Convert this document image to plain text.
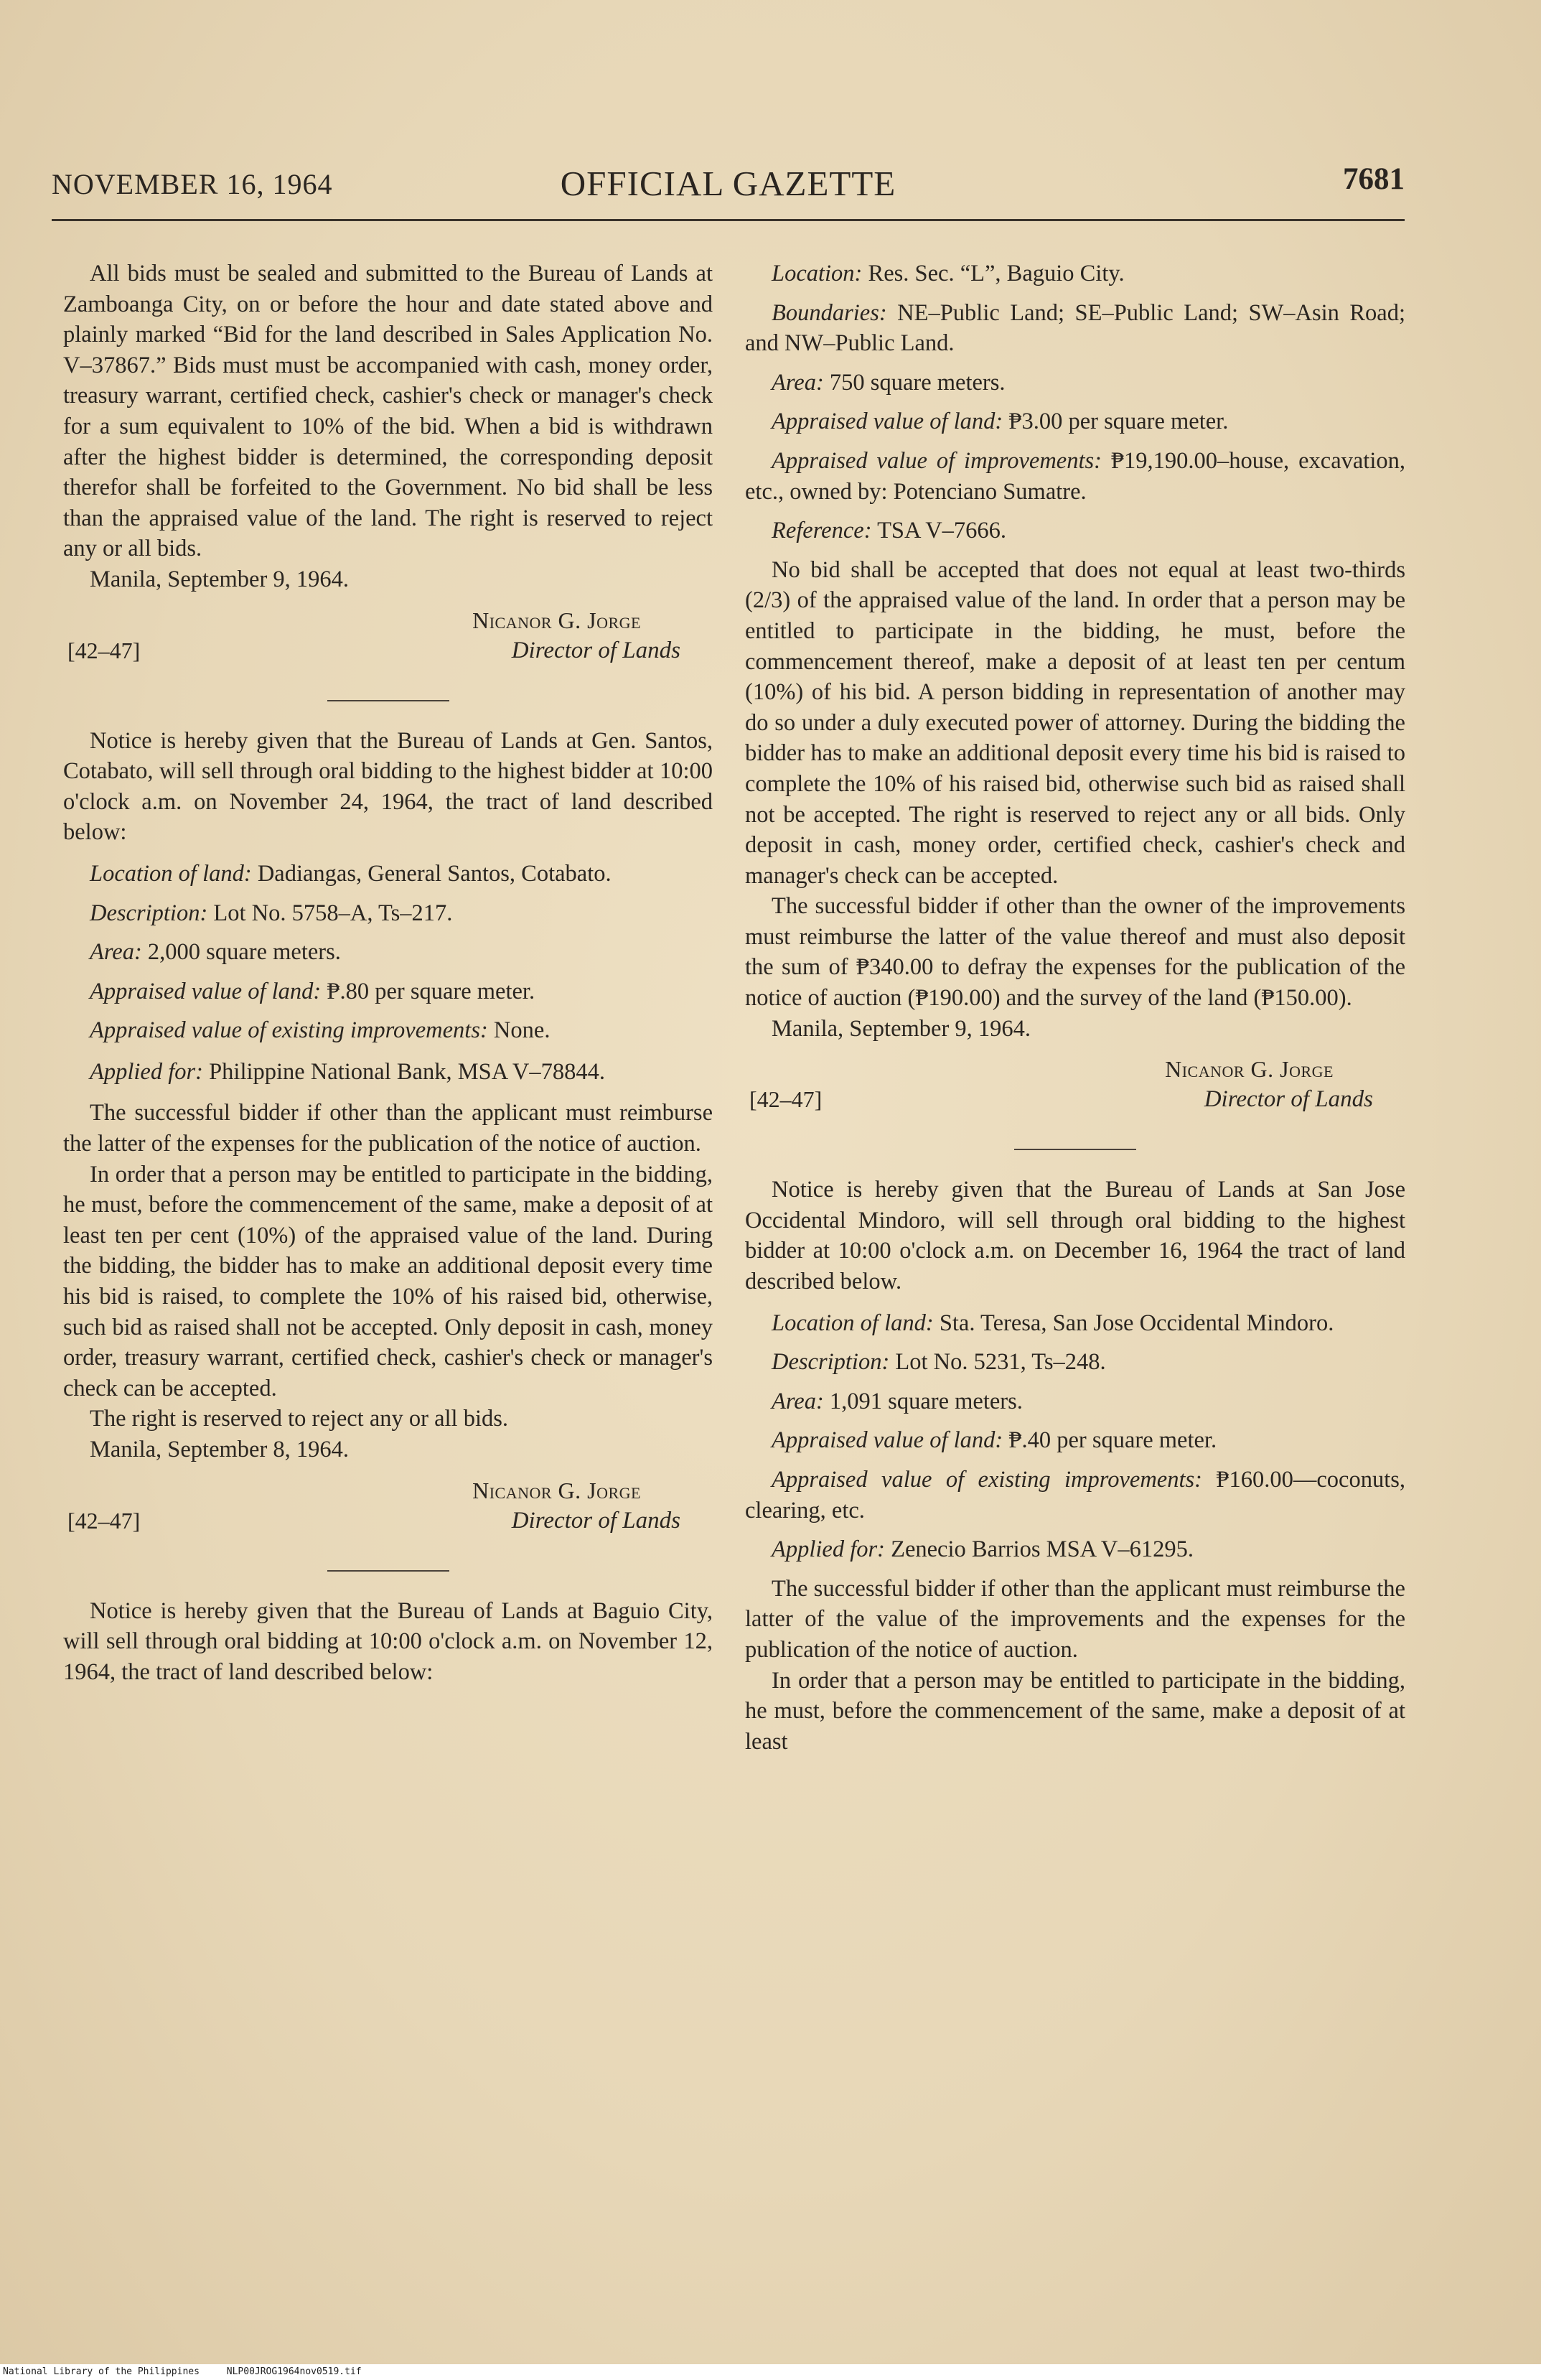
NOVEMBER 16, 1964	OFFICIAL GAZETTE	7681

All bids must be sealed and submitted to the Bureau of Lands at Zamboanga City, on or before the hour and date stated above and plainly marked “Bid for the land described in Sales Application No. V–37867.” Bids must must be accompanied with cash, money order, treasury warrant, certified check, cashier's check or manager's check for a sum equivalent to 10% of the bid. When a bid is withdrawn after the highest bidder is determined, the corresponding deposit therefor shall be forfeited to the Government. No bid shall be less than the appraised value of the land. The right is reserved to reject any or all bids.

Manila, September 9, 1964.

Nicanor G. Jorge
[42–47]	Director of Lands

Notice is hereby given that the Bureau of Lands at Gen. Santos, Cotabato, will sell through oral bidding to the highest bidder at 10:00 o'clock a.m. on November 24, 1964, the tract of land described below:

Location of land: Dadiangas, General Santos, Cotabato.

Description: Lot No. 5758–A, Ts–217.

Area: 2,000 square meters.

Appraised value of land: ₱.80 per square meter.

Appraised value of existing improvements: None.

Applied for: Philippine National Bank, MSA V–78844.

The successful bidder if other than the applicant must reimburse the latter of the expenses for the publication of the notice of auction.

In order that a person may be entitled to participate in the bidding, he must, before the commencement of the same, make a deposit of at least ten per cent (10%) of the appraised value of the land. During the bidding, the bidder has to make an additional deposit every time his bid is raised, to complete the 10% of his raised bid, otherwise, such bid as raised shall not be accepted. Only deposit in cash, money order, treasury warrant, certified check, cashier's check or manager's check can be accepted.

The right is reserved to reject any or all bids.

Manila, September 8, 1964.

Nicanor G. Jorge
[42–47]	Director of Lands

Notice is hereby given that the Bureau of Lands at Baguio City, will sell through oral bidding at 10:00 o'clock a.m. on November 12, 1964, the tract of land described below:

Location: Res. Sec. “L”, Baguio City.

Boundaries: NE–Public Land; SE–Public Land; SW–Asin Road; and NW–Public Land.

Area: 750 square meters.

Appraised value of land: ₱3.00 per square meter.

Appraised value of improvements: ₱19,190.00–house, excavation, etc., owned by: Potenciano Sumatre.

Reference: TSA V–7666.

No bid shall be accepted that does not equal at least two-thirds (2/3) of the appraised value of the land. In order that a person may be entitled to participate in the bidding, he must, before the commencement thereof, make a deposit of at least ten per centum (10%) of his bid. A person bidding in representation of another may do so under a duly executed power of attorney. During the bidding the bidder has to make an additional deposit every time his bid is raised to complete the 10% of his raised bid, otherwise such bid as raised shall not be accepted. The right is reserved to reject any or all bids. Only deposit in cash, money order, certified check, cashier's check and manager's check can be accepted.

The successful bidder if other than the owner of the improvements must reimburse the latter of the value thereof and must also deposit the sum of ₱340.00 to defray the expenses for the publication of the notice of auction (₱190.00) and the survey of the land (₱150.00).

Manila, September 9, 1964.

Nicanor G. Jorge
[42–47]	Director of Lands

Notice is hereby given that the Bureau of Lands at San Jose Occidental Mindoro, will sell through oral bidding to the highest bidder at 10:00 o'clock a.m. on December 16, 1964 the tract of land described below.

Location of land: Sta. Teresa, San Jose Occidental Mindoro.

Description: Lot No. 5231, Ts–248.

Area: 1,091 square meters.

Appraised value of land: ₱.40 per square meter.

Appraised value of existing improvements: ₱160.00—coconuts, clearing, etc.

Applied for: Zenecio Barrios MSA V–61295.

The successful bidder if other than the applicant must reimburse the latter of the value of the improvements and the expenses for the publication of the notice of auction.

In order that a person may be entitled to participate in the bidding, he must, before the commencement of the same, make a deposit of at least

National Library of the Philippines	NLP00JROG1964nov0519.tif
